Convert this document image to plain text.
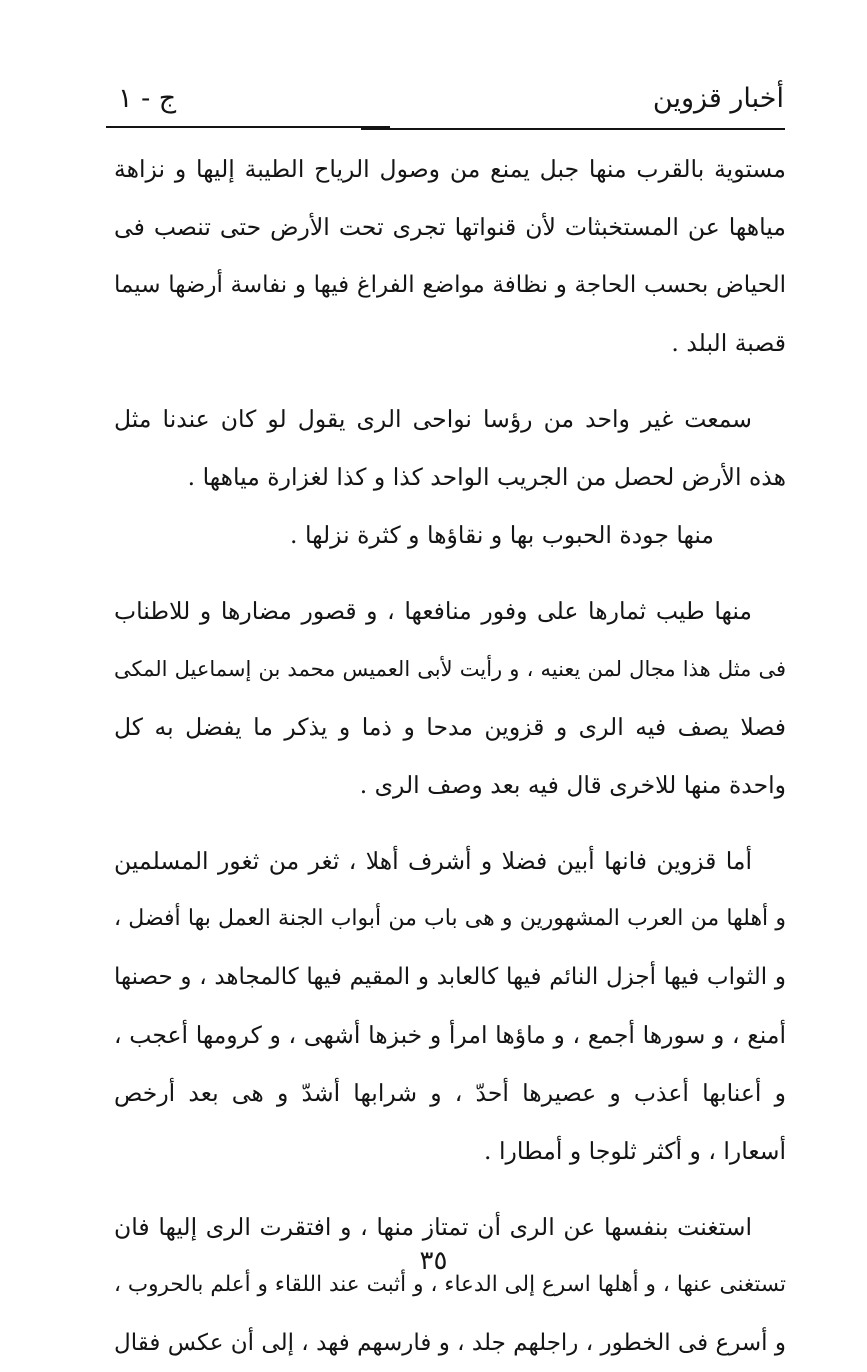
أخبار قزوين
ج - ١
مستوية بالقرب منها جبل يمنع من وصول الرياح الطيبة إليها و نزاهة
مياهها عن المستخبثات لأن قنواتها تجرى تحت الأرض حتى تنصب فى
الحياض بحسب الحاجة و نظافة مواضع الفراغ فيها و نفاسة أرضها سيما
قصبة البلد .
سمعت غير واحد من رؤسا نواحى الرى يقول لو كان عندنا مثل
هذه الأرض لحصل من الجريب الواحد كذا و كذا لغزارة مياهها .
منها جودة الحبوب بها و نقاؤها و كثرة نزلها .
منها طيب ثمارها على وفور منافعها ، و قصور مضارها و للاطناب
فى مثل هذا مجال لمن يعنيه ، و رأيت لأبى العميس محمد بن إسماعيل المكى
فصلا يصف فيه الرى و قزوين مدحا و ذما و يذكر ما يفضل به كل
واحدة منها للاخرى قال فيه بعد وصف الرى .
أما قزوين فانها أبين فضلا و أشرف أهلا ، ثغر من ثغور المسلمين
و أهلها من العرب المشهورين و هى باب من أبواب الجنة العمل بها أفضل ،
و الثواب فيها أجزل النائم فيها كالعابد و المقيم فيها كالمجاهد ، و حصنها
أمنع ، و سورها أجمع ، و ماؤها امرأ و خبزها أشهى ، و كرومها أعجب ،
و أعنابها أعذب و عصيرها أحدّ ، و شرابها أشدّ و هى بعد أرخص
أسعارا ، و أكثر ثلوجا و أمطارا .
استغنت بنفسها عن الرى أن تمتاز منها ، و افتقرت الرى إليها فان
تستغنى عنها ، و أهلها اسرع إلى الدعاء ، و أثبت عند اللقاء و أعلم بالحروب ،
و أسرع فى الخطور ، راجلهم جلد ، و فارسهم فهد ، إلى أن عكس فقال
٣٥
